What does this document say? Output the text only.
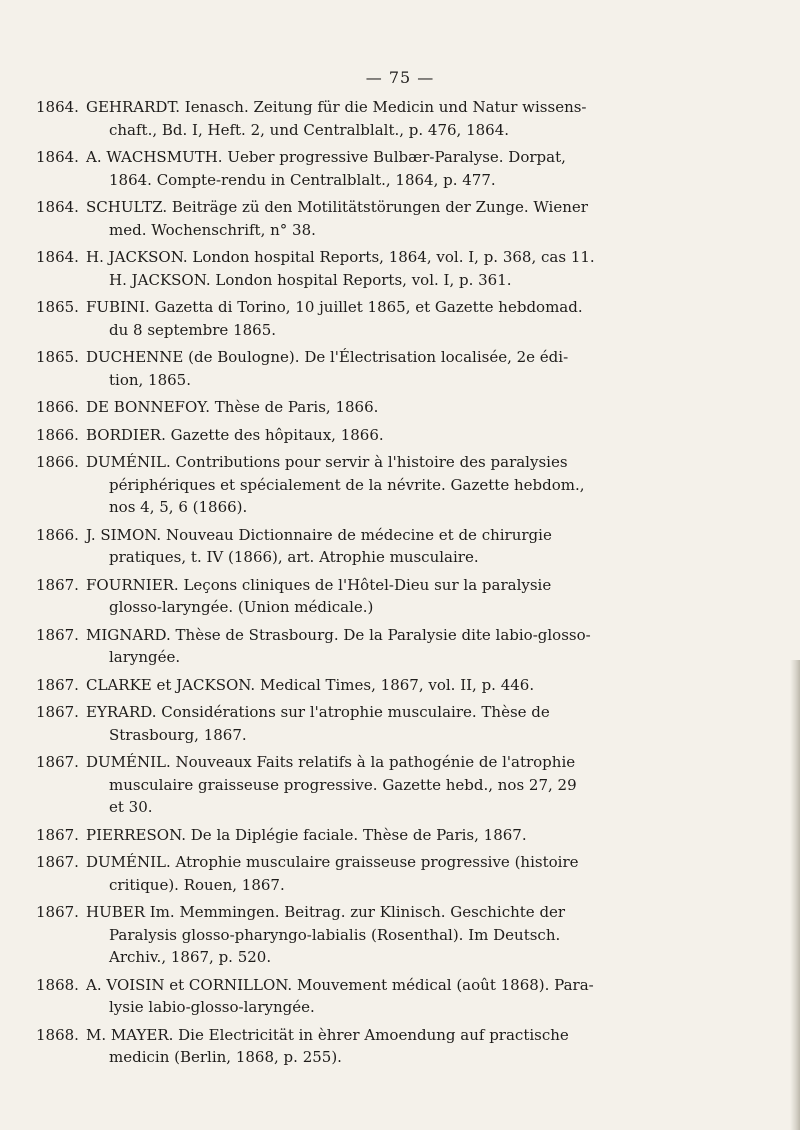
— 75 —
1864. GEHRARDT. Ienasch. Zeitung für die Medicin und Natur wissens-
chaft., Bd. I, Heft. 2, und Centralblalt., p. 476, 1864.
1864. A. WACHSMUTH. Ueber progressive Bulbær-Paralyse. Dorpat,
1864. Compte-rendu in Centralblalt., 1864, p. 477.
1864. SCHULTZ. Beiträge zü den Motilitätstörungen der Zunge. Wiener
med. Wochenschrift, n° 38.
1864. H. JACKSON. London hospital Reports, 1864, vol. I, p. 368, cas 11.
H. JACKSON. London hospital Reports, vol. I, p. 361.
1865. FUBINI. Gazetta di Torino, 10 juillet 1865, et Gazette hebdomad.
du 8 septembre 1865.
1865. DUCHENNE (de Boulogne). De l'Électrisation localisée, 2e édi-
tion, 1865.
1866. DE BONNEFOY. Thèse de Paris, 1866.
1866. BORDIER. Gazette des hôpitaux, 1866.
1866. DUMÉNIL. Contributions pour servir à l'histoire des paralysies
périphériques et spécialement de la névrite. Gazette hebdom.,
nos 4, 5, 6 (1866).
1866. J. SIMON. Nouveau Dictionnaire de médecine et de chirurgie
pratiques, t. IV (1866), art. Atrophie musculaire.
1867. FOURNIER. Leçons cliniques de l'Hôtel-Dieu sur la paralysie
glosso-laryngée. (Union médicale.)
1867. MIGNARD. Thèse de Strasbourg. De la Paralysie dite labio-glosso-
laryngée.
1867. CLARKE et JACKSON. Medical Times, 1867, vol. II, p. 446.
1867. EYRARD. Considérations sur l'atrophie musculaire. Thèse de
Strasbourg, 1867.
1867. DUMÉNIL. Nouveaux Faits relatifs à la pathogénie de l'atrophie
musculaire graisseuse progressive. Gazette hebd., nos 27, 29
et 30.
1867. PIERRESON. De la Diplégie faciale. Thèse de Paris, 1867.
1867. DUMÉNIL. Atrophie musculaire graisseuse progressive (histoire
critique). Rouen, 1867.
1867. HUBER Im. Memmingen. Beitrag. zur Klinisch. Geschichte der
Paralysis glosso-pharyngo-labialis (Rosenthal). Im Deutsch.
Archiv., 1867, p. 520.
1868. A. VOISIN et CORNILLON. Mouvement médical (août 1868). Para-
lysie labio-glosso-laryngée.
1868. M. MAYER. Die Electricität in èhrer Amoendung auf practische
medicin (Berlin, 1868, p. 255).
